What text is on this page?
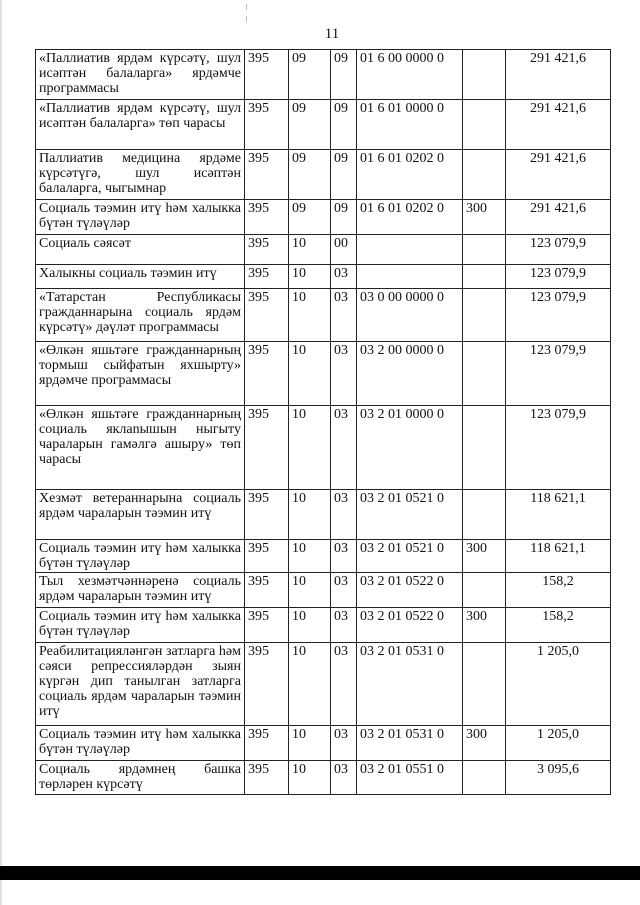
11
«Паллиатив ярдәм күрсәтү, шул исәптән балаларга» ярдәмче программасы	395	09	09	01 6 00 0000 0		291 421,6
«Паллиатив ярдәм күрсәтү, шул исәптән балаларга» төп чарасы	395	09	09	01 6 01 0000 0		291 421,6
Паллиатив медицина ярдәме күрсәтүгә, шул исәптән балаларга, чыгымнар	395	09	09	01 6 01 0202 0		291 421,6
Социаль тәэмин итү һәм халыкка бүтән түләүләр	395	09	09	01 6 01 0202 0	300	291 421,6
Социаль сәясәт	395	10	00			123 079,9
Халыкны социаль тәэмин итү	395	10	03			123 079,9
«Татарстан Республикасы гражданнарына социаль ярдәм күрсәтү» дәүләт программасы	395	10	03	03 0 00 0000 0		123 079,9
«Өлкән яшьтәге гражданнарның тормыш сыйфатын яхшырту» ярдәмче программасы	395	10	03	03 2 00 0000 0		123 079,9
«Өлкән яшьтәге гражданнарның социаль яклanышын ныгыту чараларын гамәлгә ашыру» төп чарасы	395	10	03	03 2 01 0000 0		123 079,9
Хезмәт ветераннарына социаль ярдәм чараларын тәэмин итү	395	10	03	03 2 01 0521 0		118 621,1
Социаль тәэмин итү һәм халыкка бүтән түләүләр	395	10	03	03 2 01 0521 0	300	118 621,1
Тыл хезмәтчәннәренә социаль ярдәм чараларын тәэмин итү	395	10	03	03 2 01 0522 0		158,2
Социаль тәэмин итү һәм халыкка бүтән түләүләр	395	10	03	03 2 01 0522 0	300	158,2
Реабилитацияләнгән затларга һәм сәяси репрессияләрдән зыян күргән дип танылган затларга социаль ярдәм чараларын тәэмин итү	395	10	03	03 2 01 0531 0		1 205,0
Социаль тәэмин итү һәм халыкка бүтән түләүләр	395	10	03	03 2 01 0531 0	300	1 205,0
Социаль ярдәмнең башка төрләрен күрсәтү	395	10	03	03 2 01 0551 0		3 095,6
